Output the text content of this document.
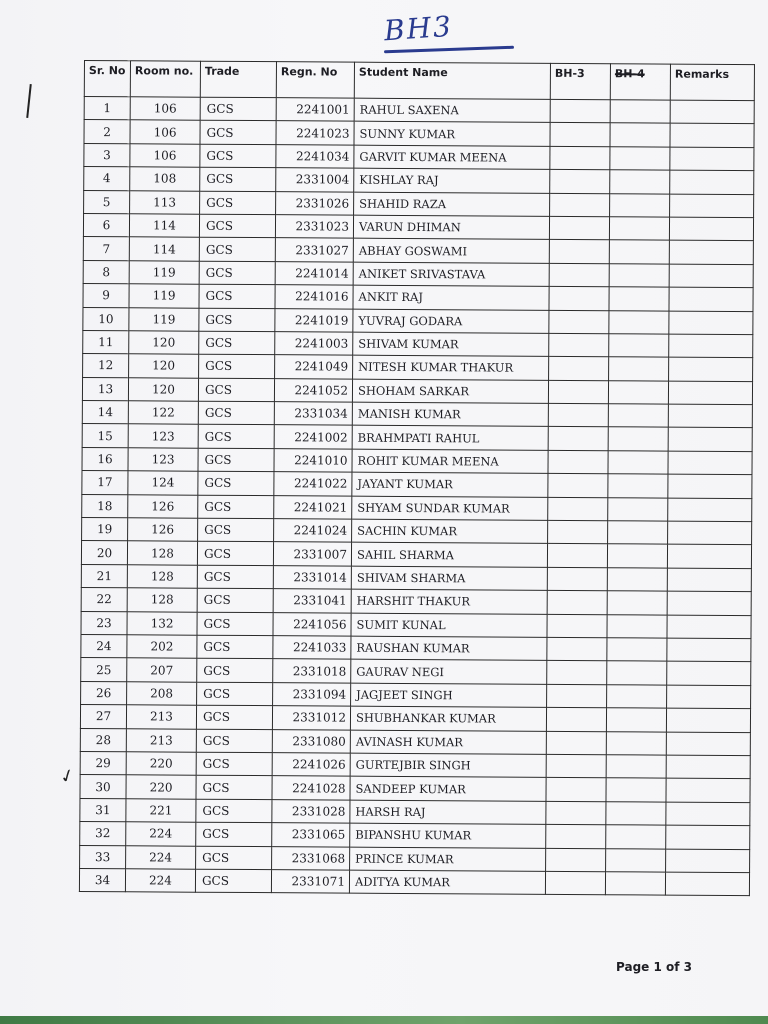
BH3
✓
Sr. No	Room no.	Trade	Regn. No	Student Name	BH-3	BH-4	Remarks
1	106	GCS	2241001	RAHUL SAXENA			
2	106	GCS	2241023	SUNNY KUMAR			
3	106	GCS	2241034	GARVIT KUMAR MEENA			
4	108	GCS	2331004	KISHLAY RAJ			
5	113	GCS	2331026	SHAHID RAZA			
6	114	GCS	2331023	VARUN DHIMAN			
7	114	GCS	2331027	ABHAY GOSWAMI			
8	119	GCS	2241014	ANIKET SRIVASTAVA			
9	119	GCS	2241016	ANKIT RAJ			
10	119	GCS	2241019	YUVRAJ GODARA			
11	120	GCS	2241003	SHIVAM KUMAR			
12	120	GCS	2241049	NITESH KUMAR THAKUR			
13	120	GCS	2241052	SHOHAM SARKAR			
14	122	GCS	2331034	MANISH KUMAR			
15	123	GCS	2241002	BRAHMPATI RAHUL			
16	123	GCS	2241010	ROHIT KUMAR MEENA			
17	124	GCS	2241022	JAYANT KUMAR			
18	126	GCS	2241021	SHYAM SUNDAR KUMAR			
19	126	GCS	2241024	SACHIN KUMAR			
20	128	GCS	2331007	SAHIL SHARMA			
21	128	GCS	2331014	SHIVAM SHARMA			
22	128	GCS	2331041	HARSHIT THAKUR			
23	132	GCS	2241056	SUMIT KUNAL			
24	202	GCS	2241033	RAUSHAN KUMAR			
25	207	GCS	2331018	GAURAV NEGI			
26	208	GCS	2331094	JAGJEET SINGH			
27	213	GCS	2331012	SHUBHANKAR KUMAR			
28	213	GCS	2331080	AVINASH KUMAR			
29	220	GCS	2241026	GURTEJBIR SINGH			
30	220	GCS	2241028	SANDEEP KUMAR			
31	221	GCS	2331028	HARSH RAJ			
32	224	GCS	2331065	BIPANSHU KUMAR			
33	224	GCS	2331068	PRINCE KUMAR			
34	224	GCS	2331071	ADITYA KUMAR			
Page 1 of 3
